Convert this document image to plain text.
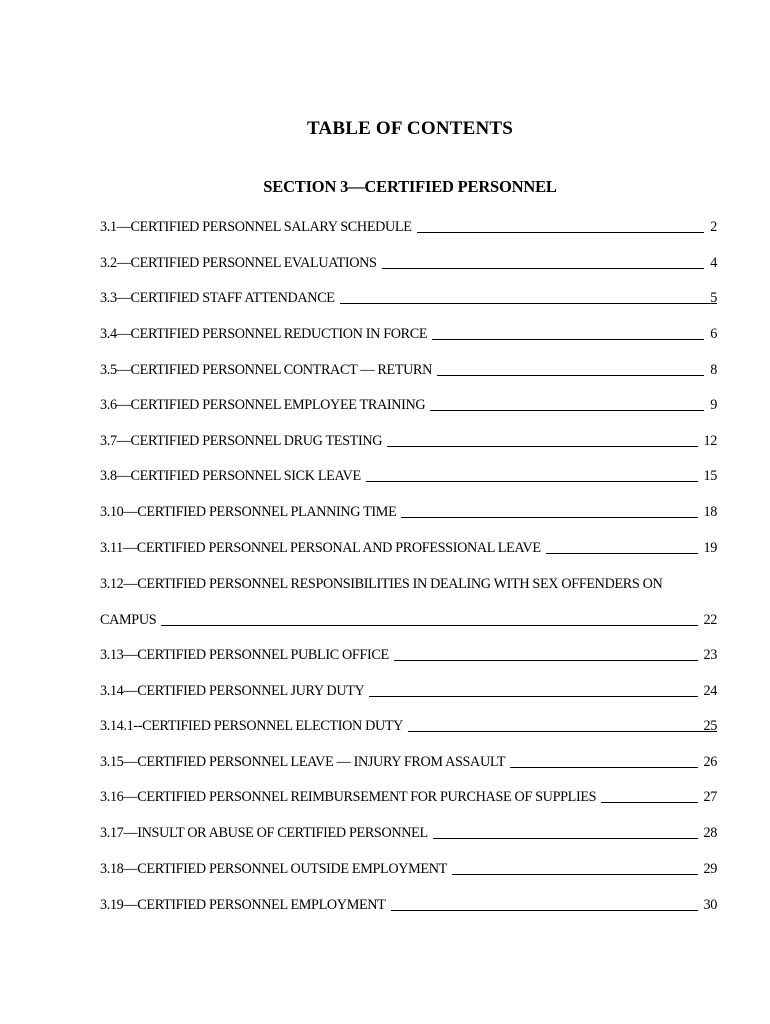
TABLE OF CONTENTS
SECTION 3—CERTIFIED PERSONNEL
3.1—CERTIFIED PERSONNEL SALARY SCHEDULE	2
3.2—CERTIFIED PERSONNEL EVALUATIONS	4
3.3—CERTIFIED STAFF ATTENDANCE	5
3.4—CERTIFIED PERSONNEL REDUCTION IN FORCE	6
3.5—CERTIFIED PERSONNEL CONTRACT — RETURN	8
3.6—CERTIFIED PERSONNEL EMPLOYEE TRAINING	9
3.7—CERTIFIED PERSONNEL DRUG TESTING	12
3.8—CERTIFIED PERSONNEL SICK LEAVE	15
3.10—CERTIFIED PERSONNEL PLANNING TIME	18
3.11—CERTIFIED PERSONNEL PERSONAL AND PROFESSIONAL LEAVE	19
3.12—CERTIFIED PERSONNEL RESPONSIBILITIES IN DEALING WITH SEX OFFENDERS ON
CAMPUS	22
3.13—CERTIFIED PERSONNEL PUBLIC OFFICE	23
3.14—CERTIFIED PERSONNEL JURY DUTY	24
3.14.1--CERTIFIED PERSONNEL ELECTION DUTY	25
3.15—CERTIFIED PERSONNEL LEAVE — INJURY FROM ASSAULT	26
3.16—CERTIFIED PERSONNEL REIMBURSEMENT FOR PURCHASE OF SUPPLIES	27
3.17—INSULT OR ABUSE OF CERTIFIED PERSONNEL	28
3.18—CERTIFIED PERSONNEL OUTSIDE EMPLOYMENT	29
3.19—CERTIFIED PERSONNEL EMPLOYMENT	30
